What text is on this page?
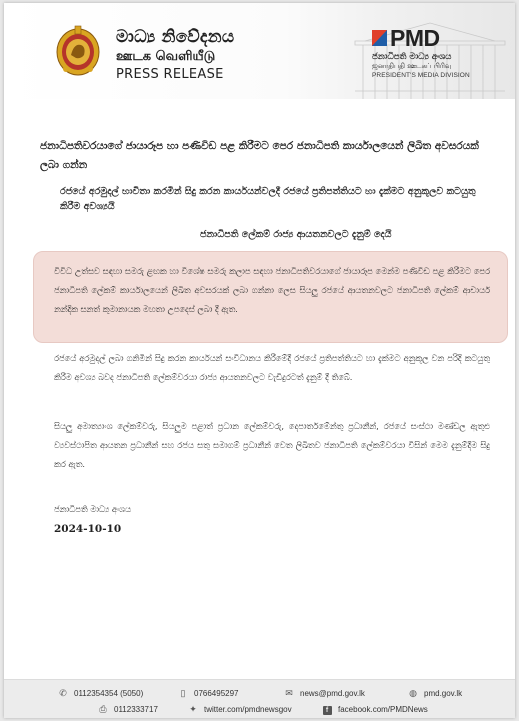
මාධ්‍ය නිවේදනය
ஊடக வெளியீடு
PRESS RELEASE
PMD
ජනාධිපති මාධ්‍ය අංශය
ஜனாதிபதி ஊடகப் பிரிவு
PRESIDENT'S MEDIA DIVISION
ජනාධිපතිවරයාගේ ජායාරූප හා පණිවිඩ පළ කිරීමට පෙර ජනාධිපති කාර්යාලයෙන් ලිඛිත අවසරයක් ලබා ගන්න
රජයේ අරමුදල් භාවිතා කරමින් සිදු කරන කාර්යයන්වලදී රජයේ ප්‍රතිපත්තියට හා දැක්මට අනුකූලව කටයුතු කිරීම අවශ්‍යයි
ජනාධිපති ලේකම් රාජ්‍ය ආයතනවලට දැනුම් දෙයි
විවිධ උත්සව සඳහා සමරු ළඟක හා විශේෂ සමරු කලාප සඳහා ජනාධිපතිවරයාගේ ජායාරූප මෙන්ම පණිවිඩ පළ කිරීමට පෙර ජනාධිපති ලේකම් කාර්යාලයෙන් ලිඛිත අවසරයක් ලබා ගන්නා ලෙස සියලු රජයේ ආයතනවලට ජනාධිපති ලේකම් ආචාර්ය නන්දික සනත් කුමානායක මහතා උපදෙස් ලබා දී ඇත.
රජයේ අරමුදල් ලබා ගනිමින් සිදු කරන කාර්යයන් සංවිධානය කිරීමේදී රජයේ ප්‍රතිපත්තියට හා දැක්මට අනුකූල වන පරිදි කටයුතු කිරීම අවශ්‍ය බවද ජනාධිපති ලේකම්වරයා රාජ්‍ය ආයතනවලට වැඩිදුරටත් දැනුම් දී තිබේ.
සියලු අමාත්‍යාංශ ලේකම්වරු, සියලුම පළාත් ප්‍රධාන ලේකම්වරු, දෙපාර්තමේන්තු ප්‍රධානීන්, රජයේ සංස්ථා මණ්ඩල ඇතුළු ව්‍යවස්ථාපිත ආයතන ප්‍රධානීන් සහ රජය සතු සමාගම් ප්‍රධානීන් වෙත ලිඛිතව ජනාධිපති ලේකම්වරයා විසින් මෙම දැනුම්දීම සිදු කර ඇත.
ජනාධිපති මාධ්‍ය අංශය
2024-10-10
✆ 0112354354 (5050)	▯	0766495297	✉ news@pmd.gov.lk	◍ pmd.gov.lk
⎙ 0112333717	✦ twitter.com/pmdnewsgov	f	facebook.com/PMDNews
